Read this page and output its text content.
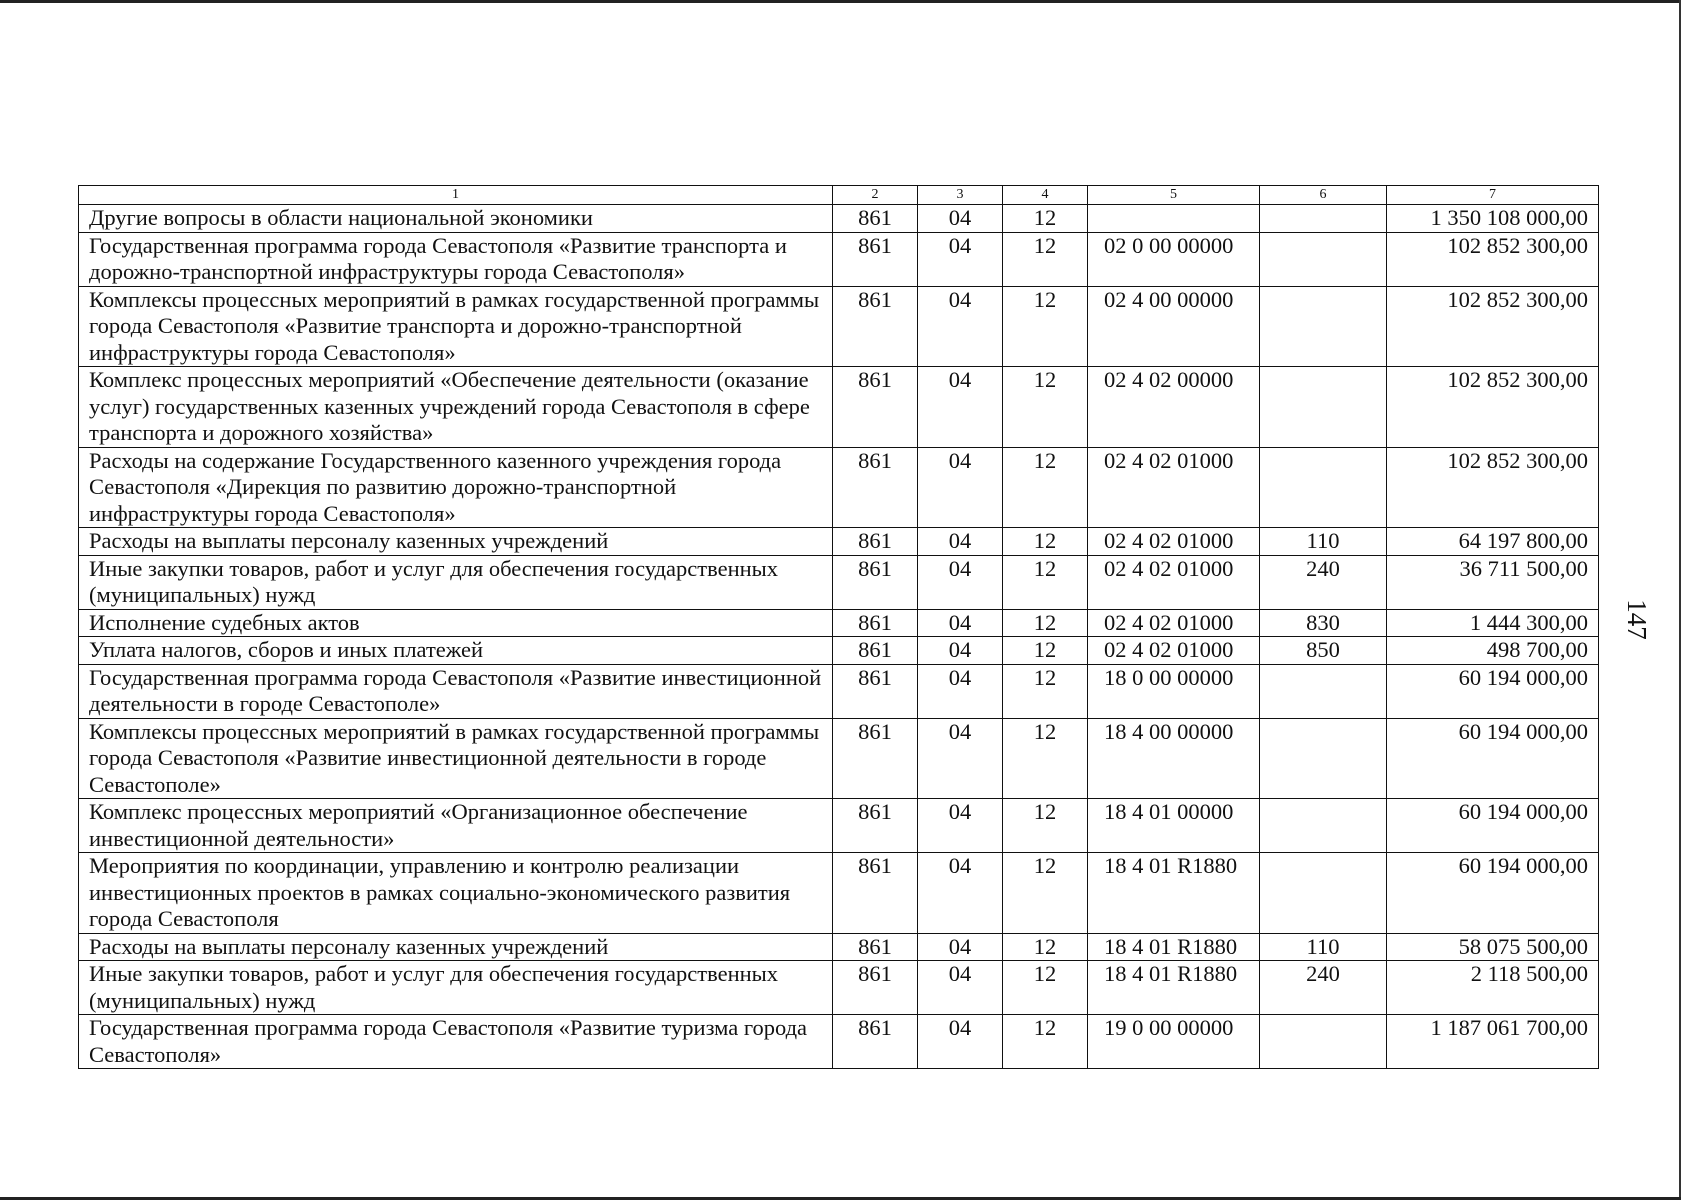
1	2	3	4	5	6	7
Другие вопросы в области национальной экономики	861	04	12			1 350 108 000,00
Государственная программа города Севастополя «Развитие транспорта и дорожно-транспортной инфраструктуры города Севастополя»	861	04	12	02 0 00 00000		102 852 300,00
Комплексы процессных мероприятий в рамках государственной программы города Севастополя «Развитие транспорта и дорожно-транспортной инфраструктуры города Севастополя»	861	04	12	02 4 00 00000		102 852 300,00
Комплекс процессных мероприятий «Обеспечение деятельности (оказание услуг) государственных казенных учреждений города Севастополя в сфере транспорта и дорожного хозяйства»	861	04	12	02 4 02 00000		102 852 300,00
Расходы на содержание Государственного казенного учреждения города Севастополя «Дирекция по развитию дорожно-транспортной инфраструктуры города Севастополя»	861	04	12	02 4 02 01000		102 852 300,00
Расходы на выплаты персоналу казенных учреждений	861	04	12	02 4 02 01000	110	64 197 800,00
Иные закупки товаров, работ и услуг для обеспечения государственных (муниципальных) нужд	861	04	12	02 4 02 01000	240	36 711 500,00
Исполнение судебных актов	861	04	12	02 4 02 01000	830	1 444 300,00
Уплата налогов, сборов и иных платежей	861	04	12	02 4 02 01000	850	498 700,00
Государственная программа города Севастополя «Развитие инвестиционной деятельности в городе Севастополе»	861	04	12	18 0 00 00000		60 194 000,00
Комплексы процессных мероприятий в рамках государственной программы города Севастополя «Развитие инвестиционной деятельности в городе Севастополе»	861	04	12	18 4 00 00000		60 194 000,00
Комплекс процессных мероприятий «Организационное обеспечение инвестиционной деятельности»	861	04	12	18 4 01 00000		60 194 000,00
Мероприятия по координации, управлению и контролю реализации инвестиционных проектов в рамках социально-экономического развития города Севастополя	861	04	12	18 4 01 R1880		60 194 000,00
Расходы на выплаты персоналу казенных учреждений	861	04	12	18 4 01 R1880	110	58 075 500,00
Иные закупки товаров, работ и услуг для обеспечения государственных (муниципальных) нужд	861	04	12	18 4 01 R1880	240	2 118 500,00
Государственная программа города Севастополя «Развитие туризма города Севастополя»	861	04	12	19 0 00 00000		1 187 061 700,00
147
